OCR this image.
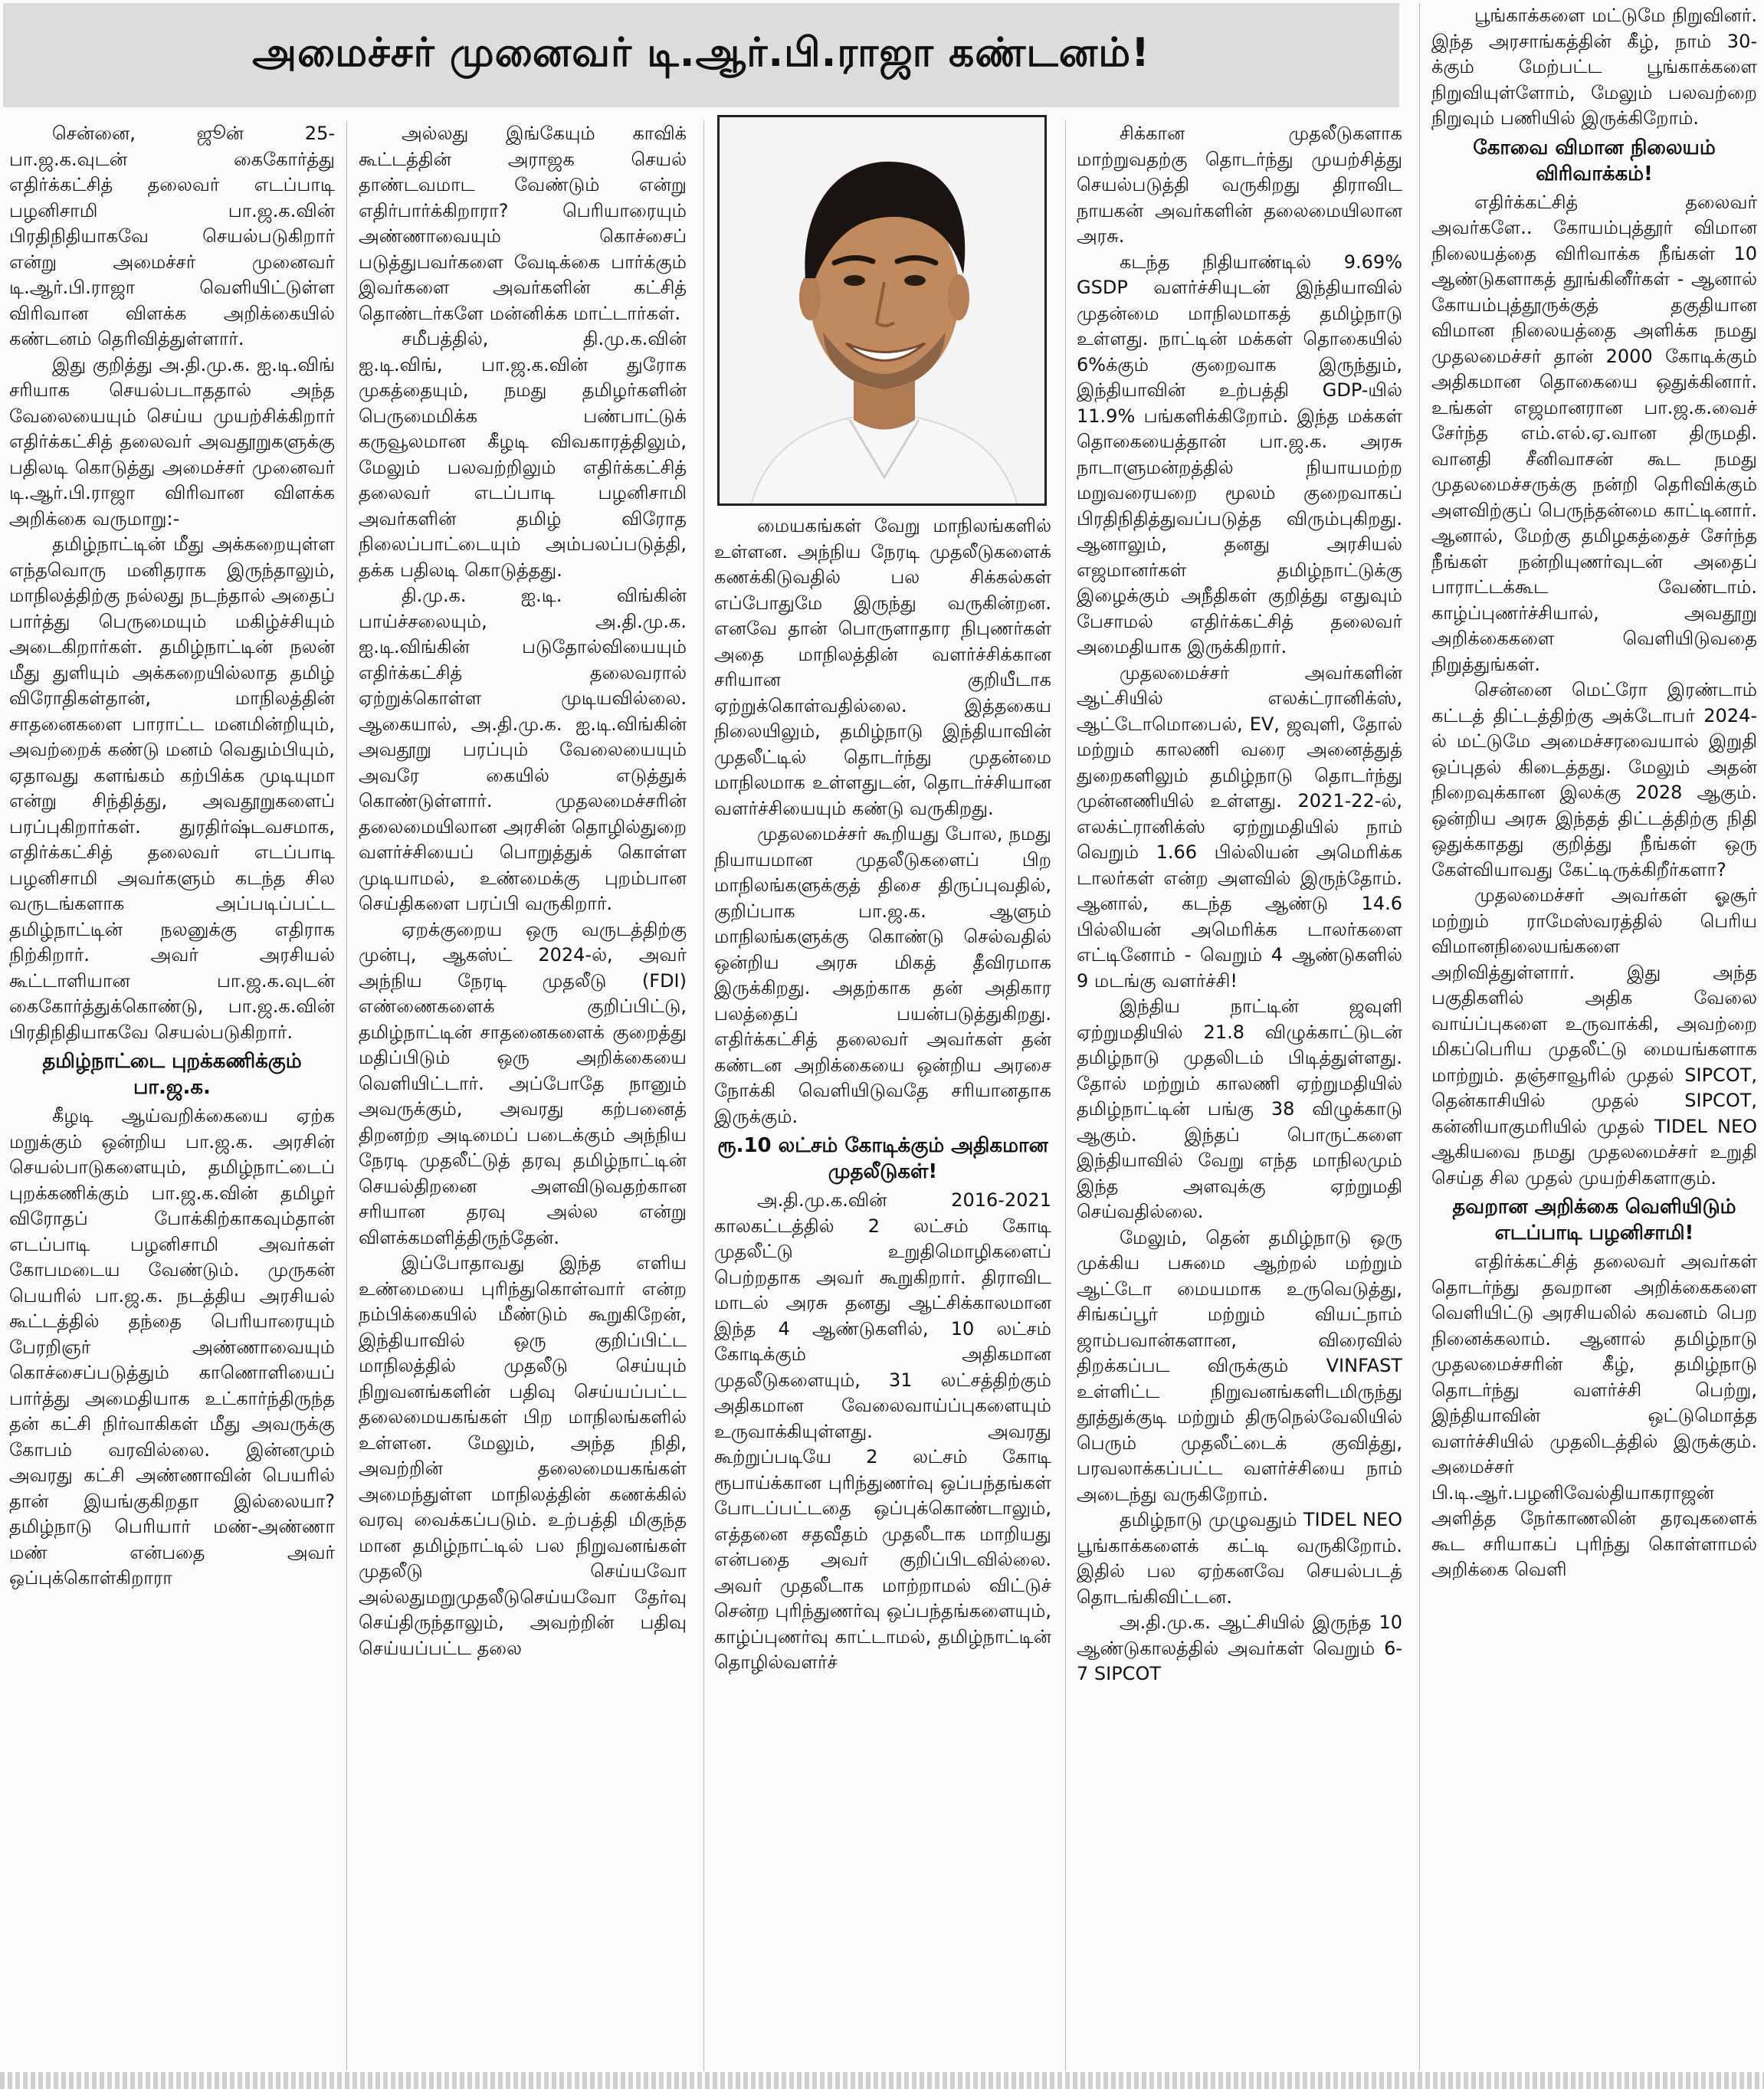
அமைச்சர் முனைவர் டி.ஆர்.பி.ராஜா கண்டனம்!

சென்னை, ஜூன் 25- பா.ஜ.க.வுடன் கைகோர்த்து எதிர்க்கட்சித் தலைவர் எடப்பாடி பழனிசாமி பா.ஜ.க.வின் பிரதிநிதியாகவே செயல்படுகிறார் என்று அமைச்சர் முனைவர் டி.ஆர்.பி.ராஜா வெளியிட்டுள்ள விரிவான விளக்க அறிக்கையில் கண்டனம் தெரிவித்துள்ளார்.

இது குறித்து அ.தி.மு.க. ஐ.டி.விங் சரியாக செயல்படாததால் அந்த வேலையையும் செய்ய முயற்சிக்கிறார் எதிர்க்கட்சித் தலைவர் அவதூறுகளுக்கு பதிலடி கொடுத்து அமைச்சர் முனைவர் டி.ஆர்.பி.ராஜா விரிவான விளக்க அறிக்கை வருமாறு:-

தமிழ்நாட்டின் மீது அக்கறையுள்ள எந்தவொரு மனிதராக இருந்தாலும், மாநிலத்திற்கு நல்லது நடந்தால் அதைப் பார்த்து பெருமையும் மகிழ்ச்சியும் அடைகிறார்கள். தமிழ்நாட்டின் நலன் மீது துளியும் அக்கறையில்லாத தமிழ் விரோதிகள்தான், மாநிலத்தின் சாதனைகளை பாராட்ட மனமின்றியும், அவற்றைக் கண்டு மனம் வெதும்பியும், ஏதாவது களங்கம் கற்பிக்க முடியுமா என்று சிந்தித்து, அவதூறுகளைப் பரப்புகிறார்கள். துரதிர்ஷ்டவசமாக, எதிர்க்கட்சித் தலைவர் எடப்பாடி பழனிசாமி அவர்களும் கடந்த சில வருடங்களாக அப்படிப்பட்ட தமிழ்நாட்டின் நலனுக்கு எதிராக நிற்கிறார். அவர் அரசியல் கூட்டாளியான பா.ஜ.க.வுடன் கைகோர்த்துக்கொண்டு, பா.ஜ.க.வின் பிரதிநிதியாகவே செயல்படுகிறார்.

தமிழ்நாட்டை புறக்கணிக்கும் பா.ஜ.க.

கீழடி ஆய்வறிக்கையை ஏற்க மறுக்கும் ஒன்றிய பா.ஜ.க. அரசின் செயல்பாடுகளையும், தமிழ்நாட்டைப் புறக்கணிக்கும் பா.ஜ.க.வின் தமிழர் விரோதப் போக்கிற்காகவும்தான் எடப்பாடி பழனிசாமி அவர்கள் கோபமடைய வேண்டும். முருகன் பெயரில் பா.ஜ.க. நடத்திய அரசியல் கூட்டத்தில் தந்தை பெரியாரையும் பேரறிஞர் அண்ணாவையும் கொச்சைப்படுத்தும் காணொளியைப் பார்த்து அமைதியாக உட்கார்ந்திருந்த தன் கட்சி நிர்வாகிகள் மீது அவருக்கு கோபம் வரவில்லை. இன்னமும் அவரது கட்சி அண்ணாவின் பெயரில் தான் இயங்குகிறதா இல்லையா? தமிழ்நாடு பெரியார் மண்-அண்ணா மண் என்பதை அவர் ஒப்புக்கொள்கிறாரா

அல்லது இங்கேயும் காவிக் கூட்டத்தின் அராஜக செயல் தாண்டவமாட வேண்டும் என்று எதிர்பார்க்கிறாரா? பெரியாரையும் அண்ணாவையும் கொச்சைப் படுத்துபவர்களை வேடிக்கை பார்க்கும் இவர்களை அவர்களின் கட்சித் தொண்டர்களே மன்னிக்க மாட்டார்கள்.

சமீபத்தில், தி.மு.க.வின் ஐ.டி.விங், பா.ஜ.க.வின் துரோக முகத்தையும், நமது தமிழர்களின் பெருமைமிக்க பண்பாட்டுக் கருவூலமான கீழடி விவகாரத்திலும், மேலும் பலவற்றிலும் எதிர்க்கட்சித் தலைவர் எடப்பாடி பழனிசாமி அவர்களின் தமிழ் விரோத நிலைப்பாட்டையும் அம்பலப்படுத்தி, தக்க பதிலடி கொடுத்தது.

தி.மு.க. ஐ.டி. விங்கின் பாய்ச்சலையும், அ.தி.மு.க. ஐ.டி.விங்கின் படுதோல்வியையும் எதிர்க்கட்சித் தலைவரால் ஏற்றுக்கொள்ள முடியவில்லை. ஆகையால், அ.தி.மு.க. ஐ.டி.விங்கின் அவதூறு பரப்பும் வேலையையும் அவரே கையில் எடுத்துக் கொண்டுள்ளார். முதலமைச்சரின் தலைமையிலான அரசின் தொழில்துறை வளர்ச்சியைப் பொறுத்துக் கொள்ள முடியாமல், உண்மைக்கு புறம்பான செய்திகளை பரப்பி வருகிறார்.

ஏறக்குறைய ஒரு வருடத்திற்கு முன்பு, ஆகஸ்ட் 2024-ல், அவர் அந்நிய நேரடி முதலீடு (FDI) எண்ணைகளைக் குறிப்பிட்டு, தமிழ்நாட்டின் சாதனைகளைக் குறைத்து மதிப்பிடும் ஒரு அறிக்கையை வெளியிட்டார். அப்போதே நானும் அவருக்கும், அவரது கற்பனைத் திறனற்ற அடிமைப் படைக்கும் அந்நிய நேரடி முதலீட்டுத் தரவு தமிழ்நாட்டின் செயல்திறனை அளவிடுவதற்கான சரியான தரவு அல்ல என்று விளக்கமளித்திருந்தேன்.

இப்போதாவது இந்த எளிய உண்மையை புரிந்துகொள்வார் என்ற நம்பிக்கையில் மீண்டும் கூறுகிறேன், இந்தியாவில் ஒரு குறிப்பிட்ட மாநிலத்தில் முதலீடு செய்யும் நிறுவனங்களின் பதிவு செய்யப்பட்ட தலைமையகங்கள் பிற மாநிலங்களில் உள்ளன. மேலும், அந்த நிதி, அவற்றின் தலைமையகங்கள் அமைந்துள்ள மாநிலத்தின் கணக்கில் வரவு வைக்கப்படும். உற்பத்தி மிகுந்த மான தமிழ்நாட்டில் பல நிறுவனங்கள் முதலீடு செய்யவோ அல்லதுமறுமுதலீடுசெய்யவோ தேர்வு செய்திருந்தாலும், அவற்றின் பதிவு செய்யப்பட்ட தலை

மையகங்கள் வேறு மாநிலங்களில் உள்ளன. அந்நிய நேரடி முதலீடுகளைக் கணக்கிடுவதில் பல சிக்கல்கள் எப்போதுமே இருந்து வருகின்றன. எனவே தான் பொருளாதார நிபுணர்கள் அதை மாநிலத்தின் வளர்ச்சிக்கான சரியான குறியீடாக ஏற்றுக்கொள்வதில்லை. இத்தகைய நிலையிலும், தமிழ்நாடு இந்தியாவின் முதலீட்டில் தொடர்ந்து முதன்மை மாநிலமாக உள்ளதுடன், தொடர்ச்சியான வளர்ச்சியையும் கண்டு வருகிறது.

முதலமைச்சர் கூறியது போல, நமது நியாயமான முதலீடுகளைப் பிற மாநிலங்களுக்குத் திசை திருப்புவதில், குறிப்பாக பா.ஜ.க. ஆளும் மாநிலங்களுக்கு கொண்டு செல்வதில் ஒன்றிய அரசு மிகத் தீவிரமாக இருக்கிறது. அதற்காக தன் அதிகார பலத்தைப் பயன்படுத்துகிறது. எதிர்க்கட்சித் தலைவர் அவர்கள் தன் கண்டன அறிக்கையை ஒன்றிய அரசை நோக்கி வெளியிடுவதே சரியானதாக இருக்கும்.

ரூ.10 லட்சம் கோடிக்கும் அதிகமான முதலீடுகள்!

அ.தி.மு.க.வின் 2016-2021 காலகட்டத்தில் 2 லட்சம் கோடி முதலீட்டு உறுதிமொழிகளைப் பெற்றதாக அவர் கூறுகிறார். திராவிட மாடல் அரசு தனது ஆட்சிக்காலமான இந்த 4 ஆண்டுகளில், 10 லட்சம் கோடிக்கும் அதிகமான முதலீடுகளையும், 31 லட்சத்திற்கும் அதிகமான வேலைவாய்ப்புகளையும் உருவாக்கியுள்ளது. அவரது கூற்றுப்படியே 2 லட்சம் கோடி ரூபாய்க்கான புரிந்துணர்வு ஒப்பந்தங்கள் போடப்பட்டதை ஒப்புக்கொண்டாலும், எத்தனை சதவீதம் முதலீடாக மாறியது என்பதை அவர் குறிப்பிடவில்லை. அவர் முதலீடாக மாற்றாமல் விட்டுச் சென்ற புரிந்துணர்வு ஒப்பந்தங்களையும், காழ்ப்புணர்வு காட்டாமல், தமிழ்நாட்டின் தொழில்வளர்ச்

சிக்கான முதலீடுகளாக மாற்றுவதற்கு தொடர்ந்து முயற்சித்து செயல்படுத்தி வருகிறது திராவிட நாயகன் அவர்களின் தலைமையிலான அரசு.

கடந்த நிதியாண்டில் 9.69% GSDP வளர்ச்சியுடன் இந்தியாவில் முதன்மை மாநிலமாகத் தமிழ்நாடு உள்ளது. நாட்டின் மக்கள் தொகையில் 6%க்கும் குறைவாக இருந்தும், இந்தியாவின் உற்பத்தி GDP-யில் 11.9% பங்களிக்கிறோம். இந்த மக்கள் தொகையைத்தான் பா.ஜ.க. அரசு நாடாளுமன்றத்தில் நியாயமற்ற மறுவரையறை மூலம் குறைவாகப் பிரதிநிதித்துவப்படுத்த விரும்புகிறது. ஆனாலும், தனது அரசியல் எஜமானர்கள் தமிழ்நாட்டுக்கு இழைக்கும் அநீதிகள் குறித்து எதுவும் பேசாமல் எதிர்க்கட்சித் தலைவர் அமைதியாக இருக்கிறார்.

முதலமைச்சர் அவர்களின் ஆட்சியில் எலக்ட்ரானிக்ஸ், ஆட்டோமொபைல், EV, ஜவுளி, தோல் மற்றும் காலணி வரை அனைத்துத் துறைகளிலும் தமிழ்நாடு தொடர்ந்து முன்னணியில் உள்ளது. 2021-22-ல், எலக்ட்ரானிக்ஸ் ஏற்றுமதியில் நாம் வெறும் 1.66 பில்லியன் அமெரிக்க டாலர்கள் என்ற அளவில் இருந்தோம். ஆனால், கடந்த ஆண்டு 14.6 பில்லியன் அமெரிக்க டாலர்களை எட்டினோம் - வெறும் 4 ஆண்டுகளில் 9 மடங்கு வளர்ச்சி!

இந்திய நாட்டின் ஜவுளி ஏற்றுமதியில் 21.8 விழுக்காட்டுடன் தமிழ்நாடு முதலிடம் பிடித்துள்ளது. தோல் மற்றும் காலணி ஏற்றுமதியில் தமிழ்நாட்டின் பங்கு 38 விழுக்காடு ஆகும். இந்தப் பொருட்களை இந்தியாவில் வேறு எந்த மாநிலமும் இந்த அளவுக்கு ஏற்றுமதி செய்வதில்லை.

மேலும், தென் தமிழ்நாடு ஒரு முக்கிய பசுமை ஆற்றல் மற்றும் ஆட்டோ மையமாக உருவெடுத்து, சிங்கப்பூர் மற்றும் வியட்நாம் ஜாம்பவான்களான, விரைவில் திறக்கப்பட விருக்கும் VINFAST உள்ளிட்ட நிறுவனங்களிடமிருந்து தூத்துக்குடி மற்றும் திருநெல்வேலியில் பெரும் முதலீட்டைக் குவித்து, பரவலாக்கப்பட்ட வளர்ச்சியை நாம் அடைந்து வருகிறோம்.

தமிழ்நாடு முழுவதும் TIDEL NEO பூங்காக்களைக் கட்டி வருகிறோம். இதில் பல ஏற்கனவே செயல்படத் தொடங்கிவிட்டன.

அ.தி.மு.க. ஆட்சியில் இருந்த 10 ஆண்டுகாலத்தில் அவர்கள் வெறும் 6-7 SIPCOT

பூங்காக்களை மட்டுமே நிறுவினர். இந்த அரசாங்கத்தின் கீழ், நாம் 30-க்கும் மேற்பட்ட பூங்காக்களை நிறுவியுள்ளோம், மேலும் பலவற்றை நிறுவும் பணியில் இருக்கிறோம்.

கோவை விமான நிலையம் விரிவாக்கம்!

எதிர்க்கட்சித் தலைவர் அவர்களே.. கோயம்புத்தூர் விமான நிலையத்தை விரிவாக்க நீங்கள் 10 ஆண்டுகளாகத் தூங்கினீர்கள் - ஆனால் கோயம்புத்தூருக்குத் தகுதியான விமான நிலையத்தை அளிக்க நமது முதலமைச்சர் தான் 2000 கோடிக்கும் அதிகமான தொகையை ஒதுக்கினார். உங்கள் எஜமானரான பா.ஜ.க.வைச் சேர்ந்த எம்.எல்.ஏ.வான திருமதி. வானதி சீனிவாசன் கூட நமது முதலமைச்சருக்கு நன்றி தெரிவிக்கும் அளவிற்குப் பெருந்தன்மை காட்டினார். ஆனால், மேற்கு தமிழகத்தைச் சேர்ந்த நீங்கள் நன்றியுணர்வுடன் அதைப் பாராட்டக்கூட வேண்டாம். காழ்ப்புணர்ச்சியால், அவதூறு அறிக்கைகளை வெளியிடுவதை நிறுத்துங்கள்.

சென்னை மெட்ரோ இரண்டாம் கட்டத் திட்டத்திற்கு அக்டோபர் 2024-ல் மட்டுமே அமைச்சரவையால் இறுதி ஒப்புதல் கிடைத்தது. மேலும் அதன் நிறைவுக்கான இலக்கு 2028 ஆகும். ஒன்றிய அரசு இந்தத் திட்டத்திற்கு நிதி ஒதுக்காதது குறித்து நீங்கள் ஒரு கேள்வியாவது கேட்டிருக்கிறீர்களா?

முதலமைச்சர் அவர்கள் ஓசூர் மற்றும் ராமேஸ்வரத்தில் பெரிய விமானநிலையங்களை அறிவித்துள்ளார். இது அந்த பகுதிகளில் அதிக வேலை வாய்ப்புகளை உருவாக்கி, அவற்றை மிகப்பெரிய முதலீட்டு மையங்களாக மாற்றும். தஞ்சாவூரில் முதல் SIPCOT, தென்காசியில் முதல் SIPCOT, கன்னியாகுமரியில் முதல் TIDEL NEO ஆகியவை நமது முதலமைச்சர் உறுதி செய்த சில முதல் முயற்சிகளாகும்.

தவறான அறிக்கை வெளியிடும் எடப்பாடி பழனிசாமி!

எதிர்க்கட்சித் தலைவர் அவர்கள் தொடர்ந்து தவறான அறிக்கைகளை வெளியிட்டு அரசியலில் கவனம் பெற நினைக்கலாம். ஆனால் தமிழ்நாடு முதலமைச்சரின் கீழ், தமிழ்நாடு தொடர்ந்து வளர்ச்சி பெற்று, இந்தியாவின் ஒட்டுமொத்த வளர்ச்சியில் முதலிடத்தில் இருக்கும். அமைச்சர் பி.டி.ஆர்.பழனிவேல்தியாகராஜன் அளித்த நேர்காணலின் தரவுகளைக் கூட சரியாகப் புரிந்து கொள்ளாமல் அறிக்கை வெளி
